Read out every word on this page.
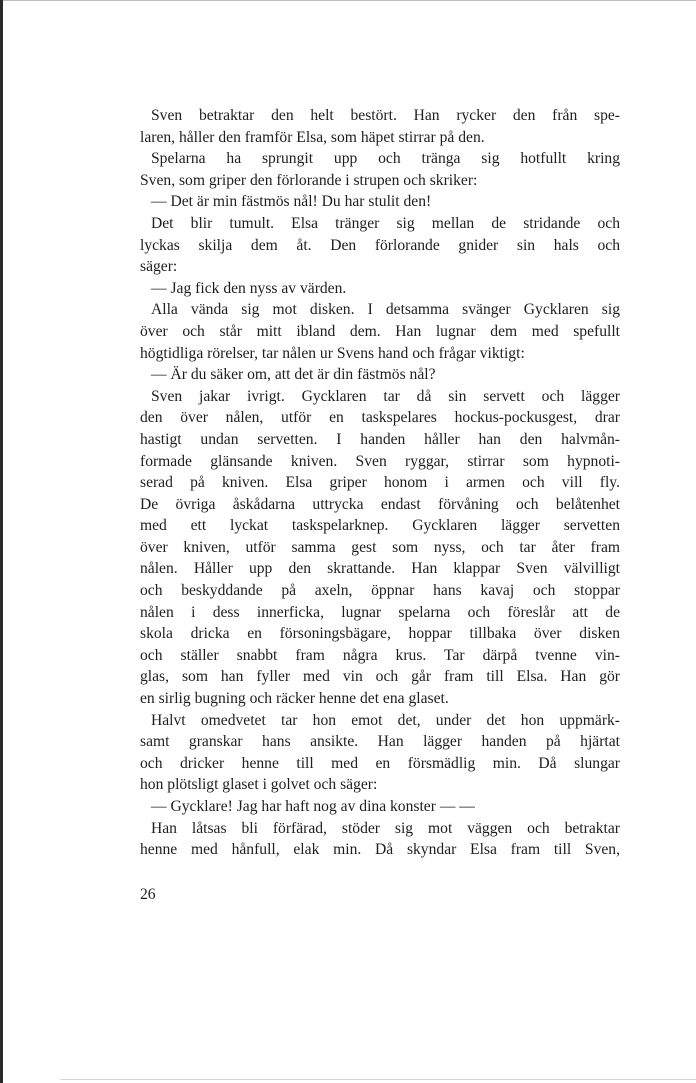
Sven betraktar den helt bestört. Han rycker den från spe-
laren, håller den framför Elsa, som häpet stirrar på den.
Spelarna ha sprungit upp och tränga sig hotfullt kring
Sven, som griper den förlorande i strupen och skriker:
— Det är min fästmös nål! Du har stulit den!
Det blir tumult. Elsa tränger sig mellan de stridande och
lyckas skilja dem åt. Den förlorande gnider sin hals och
säger:
— Jag fick den nyss av värden.
Alla vända sig mot disken. I detsamma svänger Gycklaren sig
över och står mitt ibland dem. Han lugnar dem med spefullt
högtidliga rörelser, tar nålen ur Svens hand och frågar viktigt:
— Är du säker om, att det är din fästmös nål?
Sven jakar ivrigt. Gycklaren tar då sin servett och lägger
den över nålen, utför en taskspelares hockus-pockusgest, drar
hastigt undan servetten. I handen håller han den halvmån-
formade glänsande kniven. Sven ryggar, stirrar som hypnoti-
serad på kniven. Elsa griper honom i armen och vill fly.
De övriga åskådarna uttrycka endast förvåning och belåtenhet
med ett lyckat taskspelarknep. Gycklaren lägger servetten
över kniven, utför samma gest som nyss, och tar åter fram
nålen. Håller upp den skrattande. Han klappar Sven välvilligt
och beskyddande på axeln, öppnar hans kavaj och stoppar
nålen i dess innerficka, lugnar spelarna och föreslår att de
skola dricka en försoningsbägare, hoppar tillbaka över disken
och ställer snabbt fram några krus. Tar därpå tvenne vin-
glas, som han fyller med vin och går fram till Elsa. Han gör
en sirlig bugning och räcker henne det ena glaset.
Halvt omedvetet tar hon emot det, under det hon uppmärk-
samt granskar hans ansikte. Han lägger handen på hjärtat
och dricker henne till med en försmädlig min. Då slungar
hon plötsligt glaset i golvet och säger:
— Gycklare! Jag har haft nog av dina konster — —
Han låtsas bli förfärad, stöder sig mot väggen och betraktar
henne med hånfull, elak min. Då skyndar Elsa fram till Sven,
26
